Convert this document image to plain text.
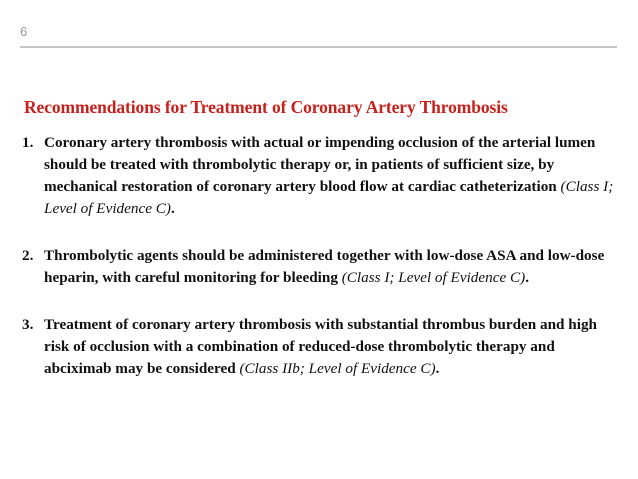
6
Recommendations for Treatment of Coronary Artery Thrombosis
1. Coronary artery thrombosis with actual or impending occlusion of the arterial lumen should be treated with thrombolytic therapy or, in patients of sufficient size, by mechanical restoration of coronary artery blood flow at cardiac catheterization (Class I; Level of Evidence C).
2. Thrombolytic agents should be administered together with low-dose ASA and low-dose heparin, with careful monitoring for bleeding (Class I; Level of Evidence C).
3. Treatment of coronary artery thrombosis with substantial thrombus burden and high risk of occlusion with a combination of reduced-dose thrombolytic therapy and abciximab may be considered (Class IIb; Level of Evidence C).
